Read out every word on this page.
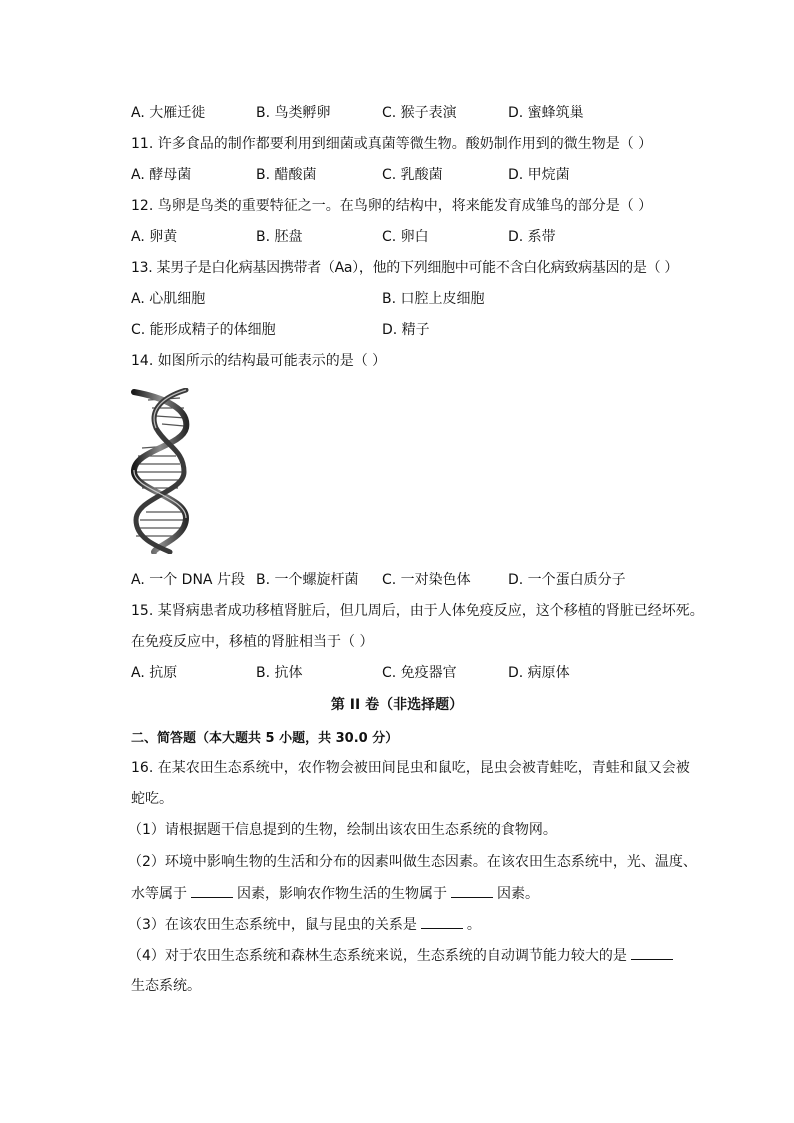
A. 大雁迁徙	B. 鸟类孵卵	C. 猴子表演	D. 蜜蜂筑巢
11. 许多食品的制作都要利用到细菌或真菌等微生物。酸奶制作用到的微生物是（ ）
A. 酵母菌	B. 醋酸菌	C. 乳酸菌	D. 甲烷菌
12. 鸟卵是鸟类的重要特征之一。在鸟卵的结构中，将来能发育成雏鸟的部分是（ ）
A. 卵黄	B. 胚盘	C. 卵白	D. 系带
13. 某男子是白化病基因携带者（Aa），他的下列细胞中可能不含白化病致病基因的是（ ）
A. 心肌细胞	B. 口腔上皮细胞
C. 能形成精子的体细胞	D. 精子
14. 如图所示的结构最可能表示的是（ ）
A. 一个 DNA 片段 B. 一个螺旋杆菌 C. 一对染色体	D. 一个蛋白质分子
15. 某肾病患者成功移植肾脏后，但几周后，由于人体免疫反应，这个移植的肾脏已经坏死。
在免疫反应中，移植的肾脏相当于（ ）
A. 抗原	B. 抗体	C. 免疫器官	D. 病原体
第 II 卷（非选择题）
二、简答题（本大题共 5 小题，共 30.0 分）
16. 在某农田生态系统中，农作物会被田间昆虫和鼠吃，昆虫会被青蛙吃，青蛙和鼠又会被
蛇吃。
（1）请根据题干信息提到的生物，绘制出该农田生态系统的食物网。
（2）环境中影响生物的生活和分布的因素叫做生态因素。在该农田生态系统中，光、温度、
水等属于	因素，影响农作物生活的生物属于	因素。
（3）在该农田生态系统中，鼠与昆虫的关系是	。
（4）对于农田生态系统和森林生态系统来说，生态系统的自动调节能力较大的是
生态系统。
